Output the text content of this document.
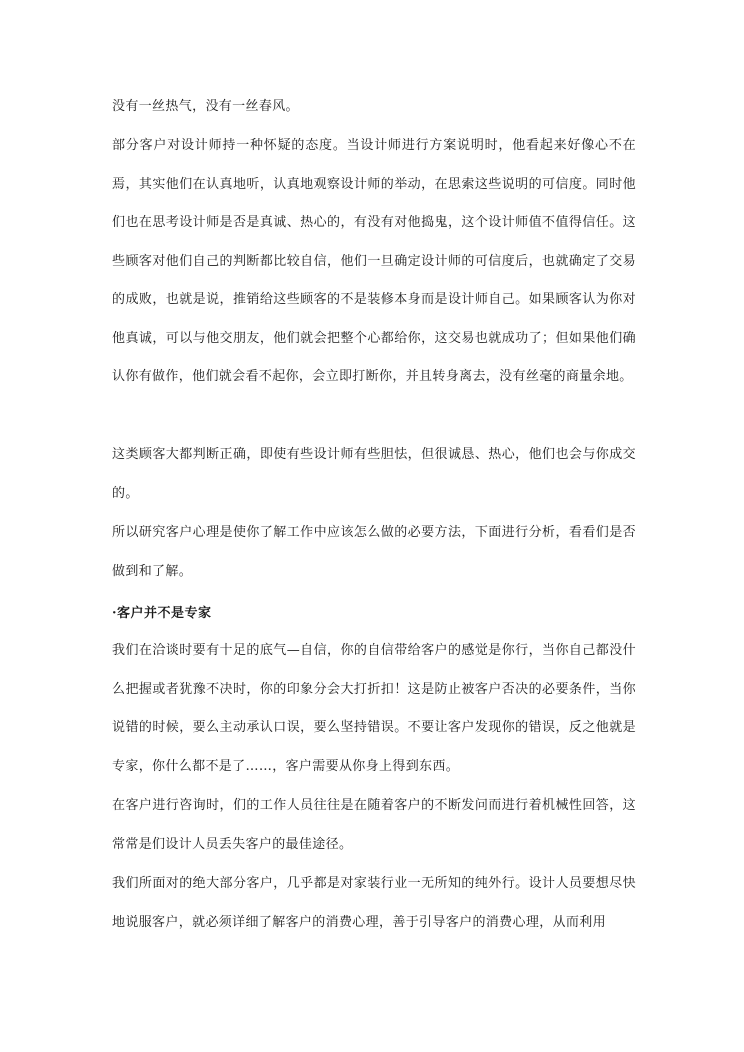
没有一丝热气，没有一丝春风。

部分客户对设计师持一种怀疑的态度。当设计师进行方案说明时，他看起来好像心不在焉，其实他们在认真地听，认真地观察设计师的举动，在思索这些说明的可信度。同时他们也在思考设计师是否是真诚、热心的，有没有对他捣鬼，这个设计师值不值得信任。这些顾客对他们自己的判断都比较自信，他们一旦确定设计师的可信度后，也就确定了交易的成败，也就是说，推销给这些顾客的不是装修本身而是设计师自己。如果顾客认为你对他真诚，可以与他交朋友，他们就会把整个心都给你，这交易也就成功了；但如果他们确认你有做作，他们就会看不起你，会立即打断你，并且转身离去，没有丝毫的商量余地。

这类顾客大都判断正确，即使有些设计师有些胆怯，但很诚恳、热心，他们也会与你成交的。

所以研究客户心理是使你了解工作中应该怎么做的必要方法，下面进行分析，看看们是否做到和了解。

·客户并不是专家

我们在洽谈时要有十足的底气—自信，你的自信带给客户的感觉是你行，当你自己都没什么把握或者犹豫不决时，你的印象分会大打折扣！这是防止被客户否决的必要条件，当你说错的时候，要么主动承认口误，要么坚持错误。不要让客户发现你的错误，反之他就是专家，你什么都不是了……，客户需要从你身上得到东西。

在客户进行咨询时，们的工作人员往往是在随着客户的不断发问而进行着机械性回答，这常常是们设计人员丢失客户的最佳途径。

我们所面对的绝大部分客户，几乎都是对家装行业一无所知的纯外行。设计人员要想尽快地说服客户，就必须详细了解客户的消费心理，善于引导客户的消费心理，从而利用
